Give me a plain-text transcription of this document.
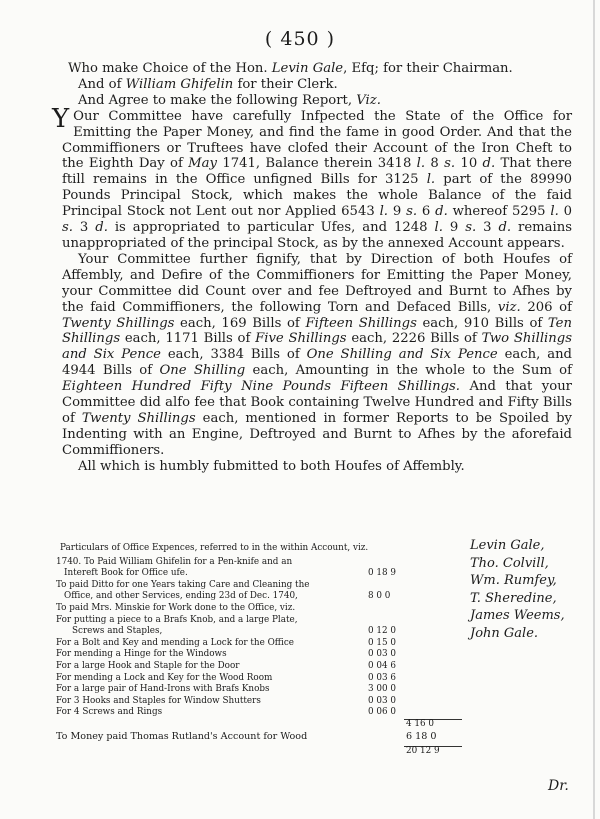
( 450 )

Who make Choice of the Hon. Levin Gale, Efq; for their Chairman.

And of William Ghifelin for their Clerk.

And Agree to make the following Report, Viz.

Y Our Committee have carefully Infpected the State of the Office for Emitting the Paper Money, and find the fame in good Order. And that the Commiffioners or Truftees have clofed their Account of the Iron Cheft to the Eighth Day of May 1741, Balance therein 3418 l. 8 s. 10 d. That there ftill remains in the Office unfigned Bills for 3125 l. part of the 89990 Pounds Principal Stock, which makes the whole Balance of the faid Principal Stock not Lent out nor Applied 6543 l. 9 s. 6 d. whereof 5295 l. 0 s. 3 d. is appropriated to particular Ufes, and 1248 l. 9 s. 3 d. remains unappropriated of the principal Stock, as by the annexed Account appears.

Your Committee further fignify, that by Direction of both Houfes of Affembly, and Defire of the Commiffioners for Emitting the Paper Money, your Committee did Count over and fee Deftroyed and Burnt to Afhes by the faid Commiffioners, the following Torn and Defaced Bills, viz. 206 of Twenty Shillings each, 169 Bills of Fifteen Shillings each, 910 Bills of Ten Shillings each, 1171 Bills of Five Shillings each, 2226 Bills of Two Shillings and Six Pence each, 3384 Bills of One Shilling and Six Pence each, and 4944 Bills of One Shilling each, Amounting in the whole to the Sum of Eighteen Hundred Fifty Nine Pounds Fifteen Shillings. And that your Committee did alfo fee that Book containing Twelve Hundred and Fifty Bills of Twenty Shillings each, mentioned in former Reports to be Spoiled by Indenting with an Engine, Deftroyed and Burnt to Afhes by the aforefaid Commiffioners.

All which is humbly fubmitted to both Houfes of Affembly.

Levin Gale,
Tho. Colvill,
Wm. Rumfey,
T. Sheredine,
James Weems,
John Gale.
Particulars of Office Expences, referred to in the within Account, viz.
1740. To Paid William Ghifelin for a Pen-knife and an
Intereft Book for Office ufe.	0 18 9
To paid Ditto for one Years taking Care and Cleaning the
Office, and other Services, ending 23d of Dec. 1740,	8 0 0
To paid Mrs. Minskie for Work done to the Office, viz.
For putting a piece to a Brafs Knob, and a large Plate,
Screws and Staples,	0 12 0
For a Bolt and Key and mending a Lock for the Office	0 15 0
For mending a Hinge for the Windows	0 03 0
For a large Hook and Staple for the Door	0 04 6
For mending a Lock and Key for the Wood Room	0 03 6
For a large pair of Hand-Irons with Brafs Knobs	3 00 0
For 3 Hooks and Staples for Window Shutters	0 03 0
For 4 Screws and Rings	0 06 0
4 16 0
To Money paid Thomas Rutland's Account for Wood	6 18 0
20 12 9
Dr.
